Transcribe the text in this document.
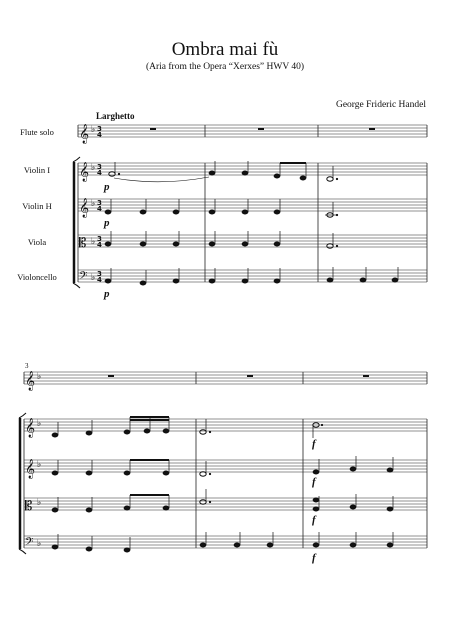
Ombra mai fù
(Aria from the Opera “Xerxes” HWV 40)
George Frideric Handel
Larghetto
Flute solo
Violin I
Violin H
Viola
Violoncello
3
𝄞
𝄞
𝄞
𝄡
𝄢
♭
♭
♭
♭
♭
3
4
3
4
3
4
3
4
3
4
𝄞
𝄞
𝄞
𝄡
𝄢
♭
♭
♭
♭
♭
p
p
p
f
f
f
f
